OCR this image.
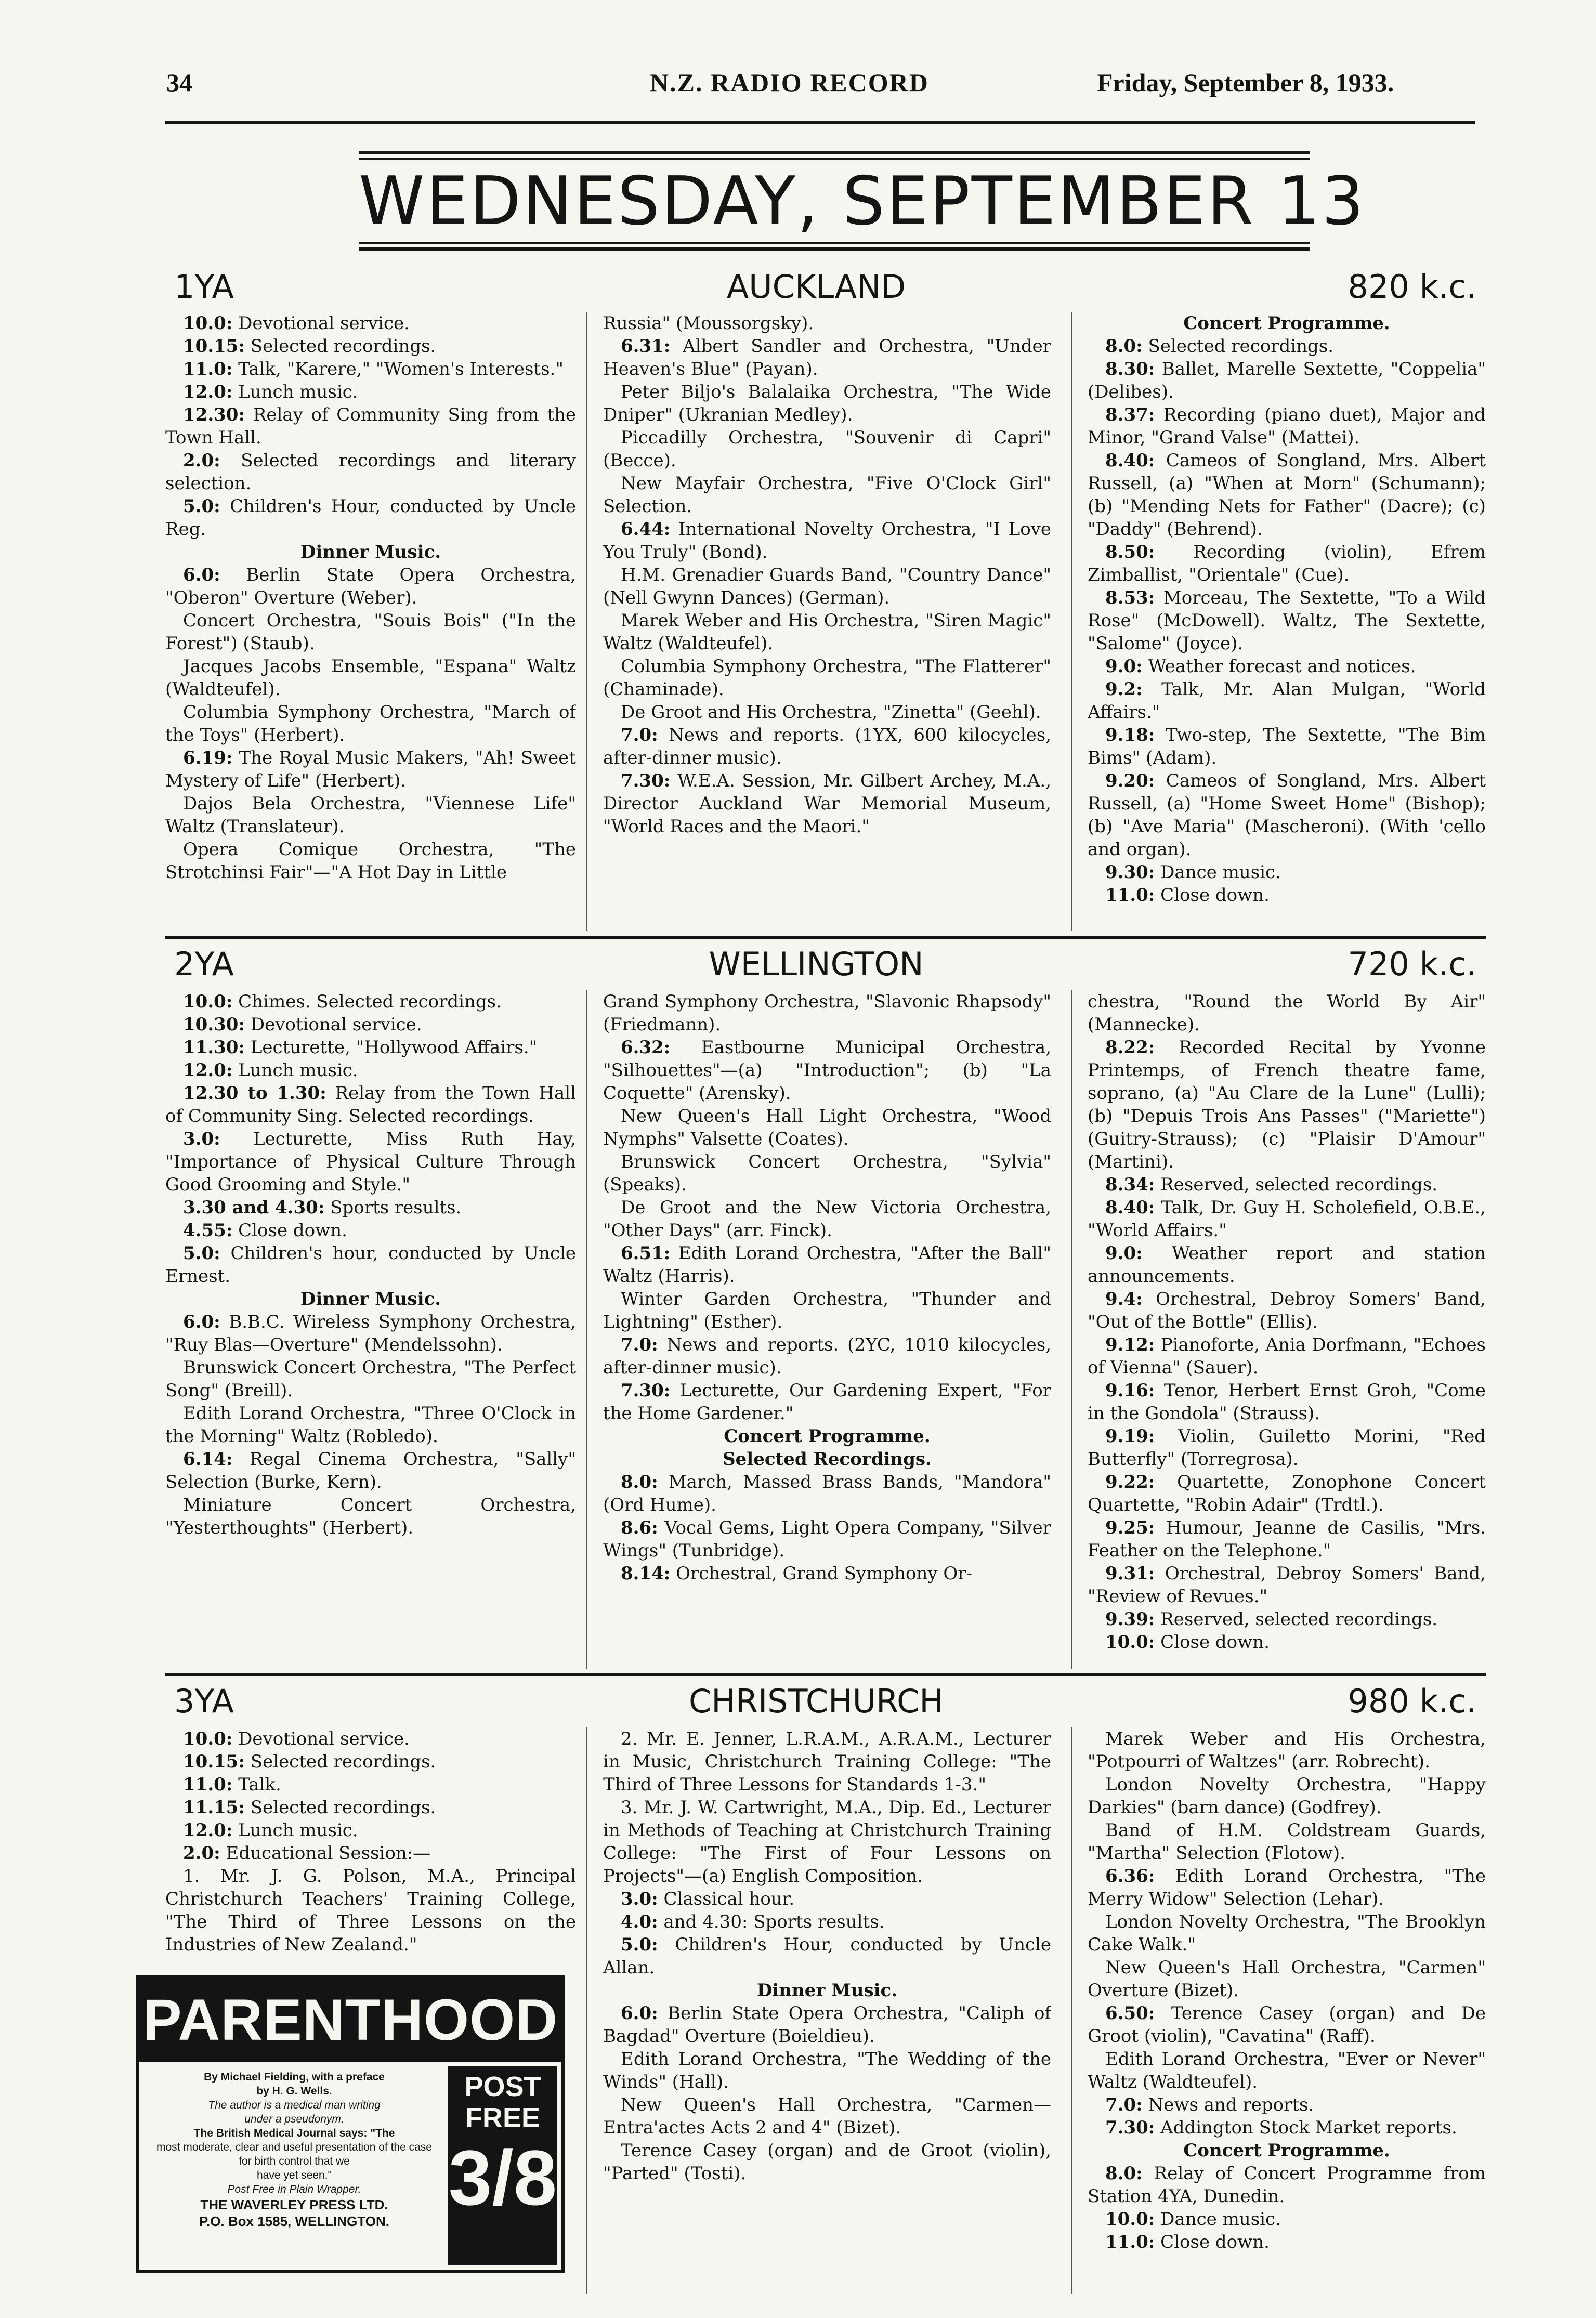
34	N.Z. RADIO RECORD	Friday, September 8, 1933.
WEDNESDAY, SEPTEMBER 13
1YA	AUCKLAND	820 k.c.

10.0: Devotional service.

10.15: Selected recordings.

11.0: Talk, "Karere," "Women's Interests."

12.0: Lunch music.

12.30: Relay of Community Sing from the Town Hall.

2.0: Selected recordings and literary selection.

5.0: Children's Hour, conducted by Uncle Reg.

Dinner Music.

6.0: Berlin State Opera Orchestra, "Oberon" Overture (Weber).

Concert Orchestra, "Souis Bois" ("In the Forest") (Staub).

Jacques Jacobs Ensemble, "Espana" Waltz (Waldteufel).

Columbia Symphony Orchestra, "March of the Toys" (Herbert).

6.19: The Royal Music Makers, "Ah! Sweet Mystery of Life" (Herbert).

Dajos Bela Orchestra, "Viennese Life" Waltz (Translateur).

Opera Comique Orchestra, "The Strotchinsi Fair"—"A Hot Day in Little

Russia" (Moussorgsky).

6.31: Albert Sandler and Orchestra, "Under Heaven's Blue" (Payan).

Peter Biljo's Balalaika Orchestra, "The Wide Dniper" (Ukranian Medley).

Piccadilly Orchestra, "Souvenir di Capri" (Becce).

New Mayfair Orchestra, "Five O'Clock Girl" Selection.

6.44: International Novelty Orchestra, "I Love You Truly" (Bond).

H.M. Grenadier Guards Band, "Country Dance" (Nell Gwynn Dances) (German).

Marek Weber and His Orchestra, "Siren Magic" Waltz (Waldteufel).

Columbia Symphony Orchestra, "The Flatterer" (Chaminade).

De Groot and His Orchestra, "Zinetta" (Geehl).

7.0: News and reports. (1YX, 600 kilocycles, after-dinner music).

7.30: W.E.A. Session, Mr. Gilbert Archey, M.A., Director Auckland War Memorial Museum, "World Races and the Maori."

Concert Programme.

8.0: Selected recordings.

8.30: Ballet, Marelle Sextette, "Coppelia" (Delibes).

8.37: Recording (piano duet), Major and Minor, "Grand Valse" (Mattei).

8.40: Cameos of Songland, Mrs. Albert Russell, (a) "When at Morn" (Schumann); (b) "Mending Nets for Father" (Dacre); (c) "Daddy" (Behrend).

8.50: Recording (violin), Efrem Zimballist, "Orientale" (Cue).

8.53: Morceau, The Sextette, "To a Wild Rose" (McDowell). Waltz, The Sextette, "Salome" (Joyce).

9.0: Weather forecast and notices.

9.2: Talk, Mr. Alan Mulgan, "World Affairs."

9.18: Two-step, The Sextette, "The Bim Bims" (Adam).

9.20: Cameos of Songland, Mrs. Albert Russell, (a) "Home Sweet Home" (Bishop); (b) "Ave Maria" (Mascheroni). (With 'cello and organ).

9.30: Dance music.

11.0: Close down.

2YA	WELLINGTON	720 k.c.

10.0: Chimes. Selected recordings.

10.30: Devotional service.

11.30: Lecturette, "Hollywood Affairs."

12.0: Lunch music.

12.30 to 1.30: Relay from the Town Hall of Community Sing. Selected recordings.

3.0: Lecturette, Miss Ruth Hay, "Importance of Physical Culture Through Good Grooming and Style."

3.30 and 4.30: Sports results.

4.55: Close down.

5.0: Children's hour, conducted by Uncle Ernest.

Dinner Music.

6.0: B.B.C. Wireless Symphony Orchestra, "Ruy Blas—Overture" (Mendelssohn).

Brunswick Concert Orchestra, "The Perfect Song" (Breill).

Edith Lorand Orchestra, "Three O'Clock in the Morning" Waltz (Robledo).

6.14: Regal Cinema Orchestra, "Sally" Selection (Burke, Kern).

Miniature Concert Orchestra, "Yesterthoughts" (Herbert).

Grand Symphony Orchestra, "Slavonic Rhapsody" (Friedmann).

6.32: Eastbourne Municipal Orchestra, "Silhouettes"—(a) "Introduction"; (b) "La Coquette" (Arensky).

New Queen's Hall Light Orchestra, "Wood Nymphs" Valsette (Coates).

Brunswick Concert Orchestra, "Sylvia" (Speaks).

De Groot and the New Victoria Orchestra, "Other Days" (arr. Finck).

6.51: Edith Lorand Orchestra, "After the Ball" Waltz (Harris).

Winter Garden Orchestra, "Thunder and Lightning" (Esther).

7.0: News and reports. (2YC, 1010 kilocycles, after-dinner music).

7.30: Lecturette, Our Gardening Expert, "For the Home Gardener."

Concert Programme.

Selected Recordings.

8.0: March, Massed Brass Bands, "Mandora" (Ord Hume).

8.6: Vocal Gems, Light Opera Company, "Silver Wings" (Tunbridge).

8.14: Orchestral, Grand Symphony Or-

chestra, "Round the World By Air" (Mannecke).

8.22: Recorded Recital by Yvonne Printemps, of French theatre fame, soprano, (a) "Au Clare de la Lune" (Lulli); (b) "Depuis Trois Ans Passes" ("Mariette") (Guitry-Strauss); (c) "Plaisir D'Amour" (Martini).

8.34: Reserved, selected recordings.

8.40: Talk, Dr. Guy H. Scholefield, O.B.E., "World Affairs."

9.0: Weather report and station announcements.

9.4: Orchestral, Debroy Somers' Band, "Out of the Bottle" (Ellis).

9.12: Pianoforte, Ania Dorfmann, "Echoes of Vienna" (Sauer).

9.16: Tenor, Herbert Ernst Groh, "Come in the Gondola" (Strauss).

9.19: Violin, Guiletto Morini, "Red Butterfly" (Torregrosa).

9.22: Quartette, Zonophone Concert Quartette, "Robin Adair" (Trdtl.).

9.25: Humour, Jeanne de Casilis, "Mrs. Feather on the Telephone."

9.31: Orchestral, Debroy Somers' Band, "Review of Revues."

9.39: Reserved, selected recordings.

10.0: Close down.

3YA	CHRISTCHURCH	980 k.c.

10.0: Devotional service.

10.15: Selected recordings.

11.0: Talk.

11.15: Selected recordings.

12.0: Lunch music.

2.0: Educational Session:—

1. Mr. J. G. Polson, M.A., Principal Christchurch Teachers' Training College, "The Third of Three Lessons on the Industries of New Zealand."

2. Mr. E. Jenner, L.R.A.M., A.R.A.M., Lecturer in Music, Christchurch Training College: "The Third of Three Lessons for Standards 1-3."

3. Mr. J. W. Cartwright, M.A., Dip. Ed., Lecturer in Methods of Teaching at Christchurch Training College: "The First of Four Lessons on Projects"—(a) English Composition.

3.0: Classical hour.

4.0: and 4.30: Sports results.

5.0: Children's Hour, conducted by Uncle Allan.

Dinner Music.

6.0: Berlin State Opera Orchestra, "Caliph of Bagdad" Overture (Boieldieu).

Edith Lorand Orchestra, "The Wedding of the Winds" (Hall).

New Queen's Hall Orchestra, "Carmen—Entra'actes Acts 2 and 4" (Bizet).

Terence Casey (organ) and de Groot (violin), "Parted" (Tosti).

Marek Weber and His Orchestra, "Potpourri of Waltzes" (arr. Robrecht).

London Novelty Orchestra, "Happy Darkies" (barn dance) (Godfrey).

Band of H.M. Coldstream Guards, "Martha" Selection (Flotow).

6.36: Edith Lorand Orchestra, "The Merry Widow" Selection (Lehar).

London Novelty Orchestra, "The Brooklyn Cake Walk."

New Queen's Hall Orchestra, "Carmen" Overture (Bizet).

6.50: Terence Casey (organ) and De Groot (violin), "Cavatina" (Raff).

Edith Lorand Orchestra, "Ever or Never" Waltz (Waldteufel).

7.0: News and reports.

7.30: Addington Stock Market reports.

Concert Programme.

8.0: Relay of Concert Programme from Station 4YA, Dunedin.

10.0: Dance music.

11.0: Close down.

PARENTHOOD
By Michael Fielding, with a preface
by H. G. Wells.
The author is a medical man writing
under a pseudonym.
The British Medical Journal says: "The
most moderate, clear and useful presentation of the case for birth control that we
have yet seen."
Post Free in Plain Wrapper.
THE WAVERLEY PRESS LTD.
P.O. Box 1585, WELLINGTON.
POST
FREE
3/8
